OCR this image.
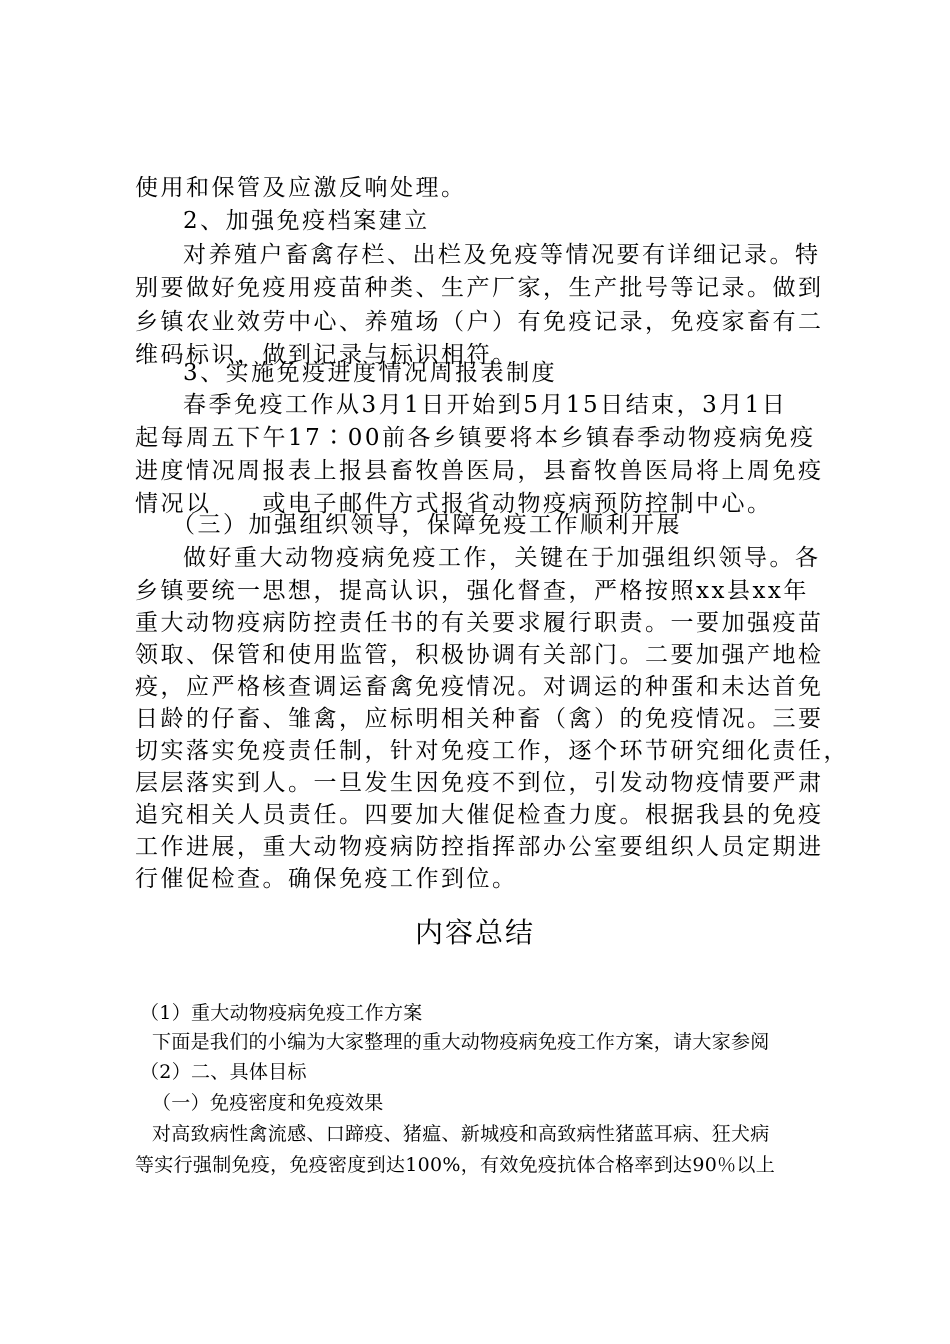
使用和保管及应激反响处理。

2、加强免疫档案建立

对养殖户畜禽存栏、出栏及免疫等情况要有详细记录。特

别要做好免疫用疫苗种类、生产厂家，生产批号等记录。做到

乡镇农业效劳中心、养殖场（户）有免疫记录，免疫家畜有二

维码标识，做到记录与标识相符。

3、实施免疫进度情况周报表制度

春季免疫工作从3月1日开始到5月15日结束，3月1日

起每周五下午17∶00前各乡镇要将本乡镇春季动物疫病免疫

进度情况周报表上报县畜牧兽医局，县畜牧兽医局将上周免疫

情况以　　或电子邮件方式报省动物疫病预防控制中心。

（三）加强组织领导，保障免疫工作顺利开展

做好重大动物疫病免疫工作，关键在于加强组织领导。各

乡镇要统一思想，提高认识，强化督查，严格按照xx县xx年

重大动物疫病防控责任书的有关要求履行职责。一要加强疫苗

领取、保管和使用监管，积极协调有关部门。二要加强产地检

疫，应严格核查调运畜禽免疫情况。对调运的种蛋和未达首免

日龄的仔畜、雏禽，应标明相关种畜（禽）的免疫情况。三要

切实落实免疫责任制，针对免疫工作，逐个环节研究细化责任，

层层落实到人。一旦发生因免疫不到位，引发动物疫情要严肃

追究相关人员责任。四要加大催促检查力度。根据我县的免疫

工作进展，重大动物疫病防控指挥部办公室要组织人员定期进

行催促检查。确保免疫工作到位。

内容总结

（1）重大动物疫病免疫工作方案

下面是我们的小编为大家整理的重大动物疫病免疫工作方案，请大家参阅

（2）二、具体目标

（一）免疫密度和免疫效果

对高致病性禽流感、口蹄疫、猪瘟、新城疫和高致病性猪蓝耳病、狂犬病

等实行强制免疫，免疫密度到达100%，有效免疫抗体合格率到达90％以上
